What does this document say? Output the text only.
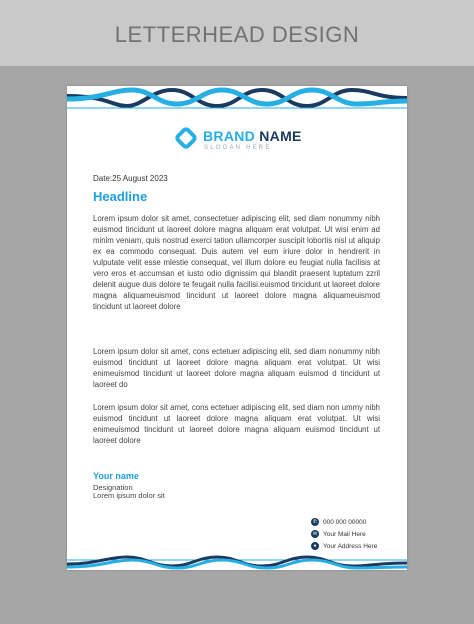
LETTERHEAD DESIGN
BRAND NAME
SLOGAN HERE
Date:25 August 2023
Headline

Lorem ipsum dolor sit amet, consectetuer adipiscing elit, sed diam nonummy nibh euismod tincidunt ut laoreet dolore magna aliquam erat volutpat. Ut wisi enim ad minim veniam, quis nostrud exerci tation ullamcorper suscipit lobortis nisl ut aliquip ex ea commodo consequat. Duis autem vel eum iriure dolor in hendrerit in vulputate velit esse mlestie consequat, vel illum dolore eu feugiat nulla facilisis at vero eros et accumsan et iusto odio dignissim qui blandit praesent luptatum zzril delenit augue duis dolore te feugait nulla facilisi.euismod tincidunt ut laoreet dolore magna aliquameuismod tincidunt ut laoreet dolore magna aliquameuismod tincidunt ut laoreet dolore

Lorem ipsum dolor sit amet, cons ectetuer adipiscing elit, sed diam nonummy nibh euismod tincidunt ut laoreet dolore magna aliquam erat volutpat. Ut wisi enimeuismod tincidunt ut laoreet dolore magna aliquam euismod d tincidunt ut laoreet do

Lorem ipsum dolor sit amet, cons ectetuer adipiscing elit, sed diam non ummy nibh euismod tincidunt ut laoreet dolore magna aliquam erat volutpat. Ut wisi enimeuismod tincidunt ut laoreet dolore magna aliquam euismod tincidunt ut laoreet dolore

Your name
Designation
Lorem ipsum dolor sit
✆ 000 000 00000
✉ Your Mail Here
● Your Address Here
